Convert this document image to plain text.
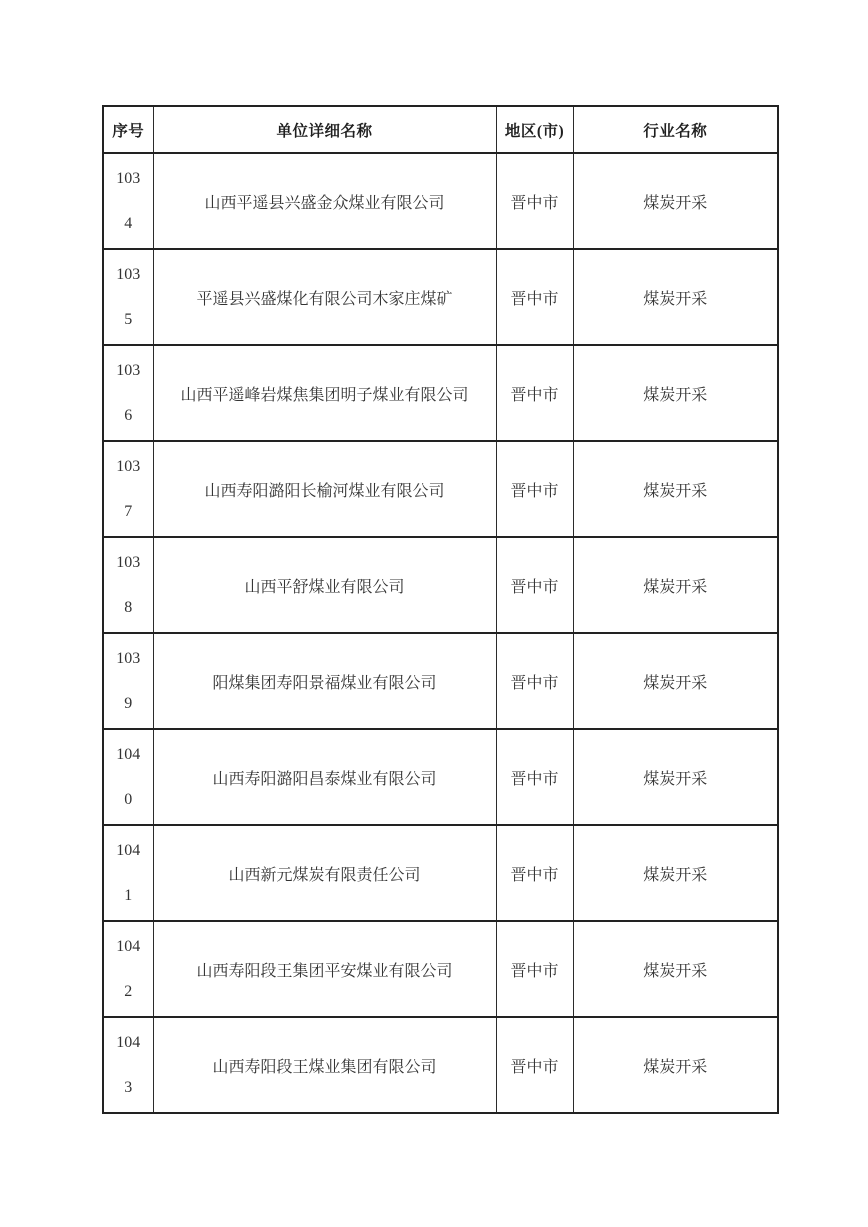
序号	单位详细名称	地区(市)	行业名称

103
4	山西平遥县兴盛金众煤业有限公司	晋中市	煤炭开采

103
5	平遥县兴盛煤化有限公司木家庄煤矿	晋中市	煤炭开采

103
6	山西平遥峰岩煤焦集团明子煤业有限公司	晋中市	煤炭开采

103
7	山西寿阳潞阳长榆河煤业有限公司	晋中市	煤炭开采

103
8	山西平舒煤业有限公司	晋中市	煤炭开采

103
9	阳煤集团寿阳景福煤业有限公司	晋中市	煤炭开采

104
0	山西寿阳潞阳昌泰煤业有限公司	晋中市	煤炭开采

104
1	山西新元煤炭有限责任公司	晋中市	煤炭开采

104
2	山西寿阳段王集团平安煤业有限公司	晋中市	煤炭开采

104
3	山西寿阳段王煤业集团有限公司	晋中市	煤炭开采
